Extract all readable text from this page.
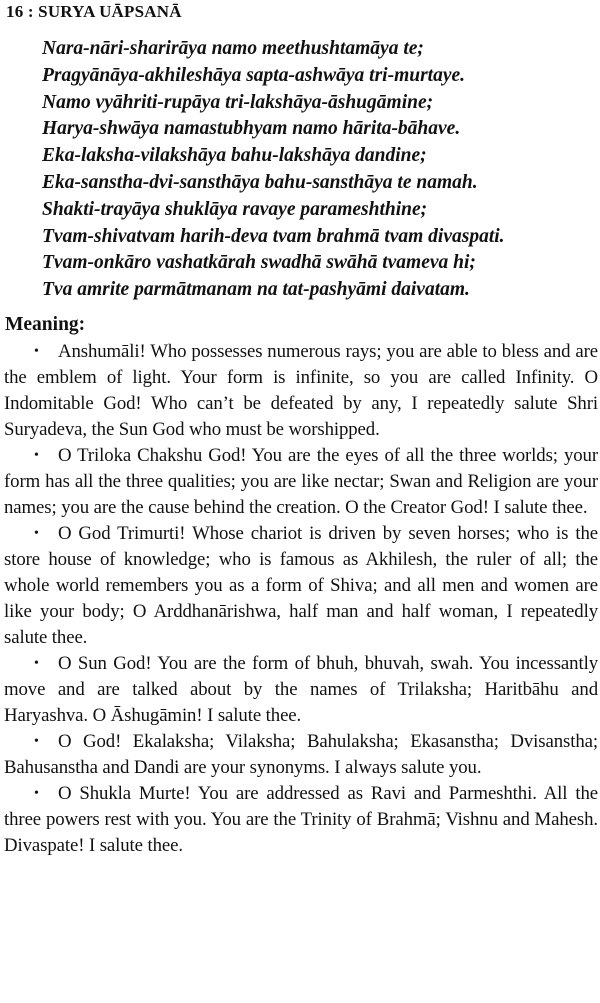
16 : SURYA UĀPSANĀ
Nara-nāri-sharirāya namo meethushtamāya te;
Pragyānāya-akhileshāya sapta-ashwāya tri-murtaye.
Namo vyāhriti-rupāya tri-lakshāya-āshugāmine;
Harya-shwāya namastubhyam namo hārita-bāhave.
Eka-laksha-vilakshāya bahu-lakshāya dandine;
Eka-sanstha-dvi-sansthāya bahu-sansthāya te namah.
Shakti-trayāya shuklāya ravaye parameshthine;
Tvam-shivatvam harih-deva tvam brahmā tvam divaspati.
Tvam-onkāro vashatkārah swadhā swāhā tvameva hi;
Tva amrite parmātmanam na tat-pashyāmi daivatam.
Meaning:

• Anshumāli! Who possesses numerous rays; you are able to bless and are the emblem of light. Your form is infinite, so you are called Infinity. O Indomitable God! Who can’t be defeated by any, I repeatedly salute Shri Suryadeva, the Sun God who must be worshipped.

• O Triloka Chakshu God! You are the eyes of all the three worlds; your form has all the three qualities; you are like nectar; Swan and Religion are your names; you are the cause behind the creation. O the Creator God! I salute thee.

• O God Trimurti! Whose chariot is driven by seven horses; who is the store house of knowledge; who is famous as Akhilesh, the ruler of all; the whole world remembers you as a form of Shiva; and all men and women are like your body; O Arddhanārishwa, half man and half woman, I repeatedly salute thee.

• O Sun God! You are the form of bhuh, bhuvah, swah. You incessantly move and are talked about by the names of Trilaksha; Haritbāhu and Haryashva. O Āshugāmin! I salute thee.

• O God! Ekalaksha; Vilaksha; Bahulaksha; Ekasanstha; Dvisanstha; Bahusanstha and Dandi are your synonyms. I always salute you.

• O Shukla Murte! You are addressed as Ravi and Parmeshthi. All the three powers rest with you. You are the Trinity of Brahmā; Vishnu and Mahesh. Divaspate! I salute thee.
